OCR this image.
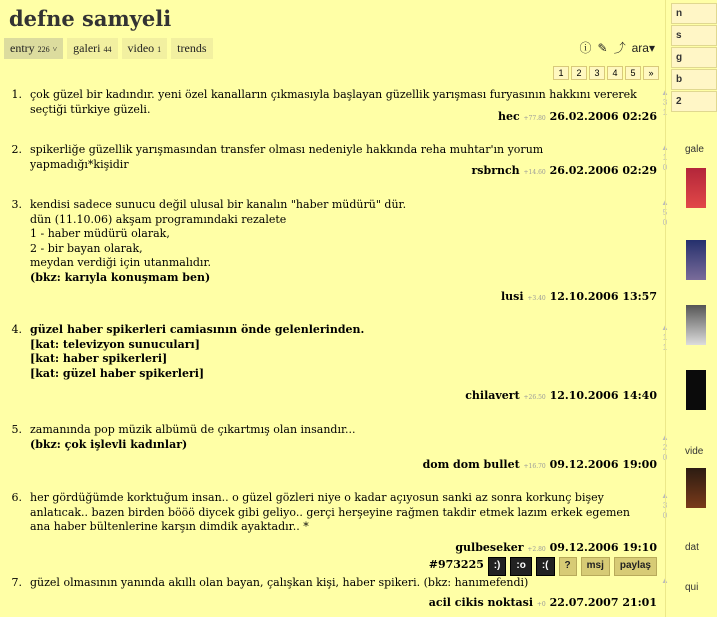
defne samyeli
entry 226 ˅	galeri 44	video 1	trends	ⓘ ✎ ⤴ ara▾
1	2	3	4	5	»
1. çok güzel bir kadındır. yeni özel kanalların çıkmasıyla başlayan güzellik yarışması furyasının hakkını vererek seçtiği türkiye güzeli.
hec +77.80 26.02.2006 02:26
▲
3
1
2. spikerliğe güzellik yarışmasından transfer olması nedeniyle hakkında reha muhtar'ın yorum yapmadığı*kişidir	rsbrnch +14.60 26.02.2006 02:29
▲
1
0
3. kendisi sadece sunucu değil ulusal bir kanalın "haber müdürü" dür.
dün (11.10.06) akşam programındaki rezalete
1 - haber müdürü olarak,
2 - bir bayan olarak,
meydan verdiği için utanmalıdır.
(bkz: karıyla konuşmam ben)
lusi +3.40 12.10.2006 13:57
▲
5
0
4. güzel haber spikerleri camiasının önde gelenlerinden.
[kat: televizyon sunucuları]
[kat: haber spikerleri]
[kat: güzel haber spikerleri]
chilavert +26.50 12.10.2006 14:40
▲
1
1
5. zamanında pop müzik albümü de çıkartmış olan insandır...
(bkz: çok işlevli kadınlar)
dom dom bullet +16.70 09.12.2006 19:00
▲
2
0
6. her gördüğümde korktuğum insan.. o güzel gözleri niye o kadar açıyosun sanki az sonra korkunç bişey anlatıcak.. bazen birden bööö diycek gibi geliyo.. gerçi herşeyine rağmen takdir etmek lazım erkek egemen ana haber bültenlerine karşın dimdik ayaktadır.. *
gulbeseker +2.80 09.12.2006 19:10
#973225 :)	:o	:(	?	msj	paylaş
▲
3
0
7. güzel olmasının yanında akıllı olan bayan, çalışkan kişi, haber spikeri. (bkz: hanımefendi)
acil cikis noktasi +0 22.07.2007 21:01
▲
n
s
g
b
2
gale
vide
dat
qui
